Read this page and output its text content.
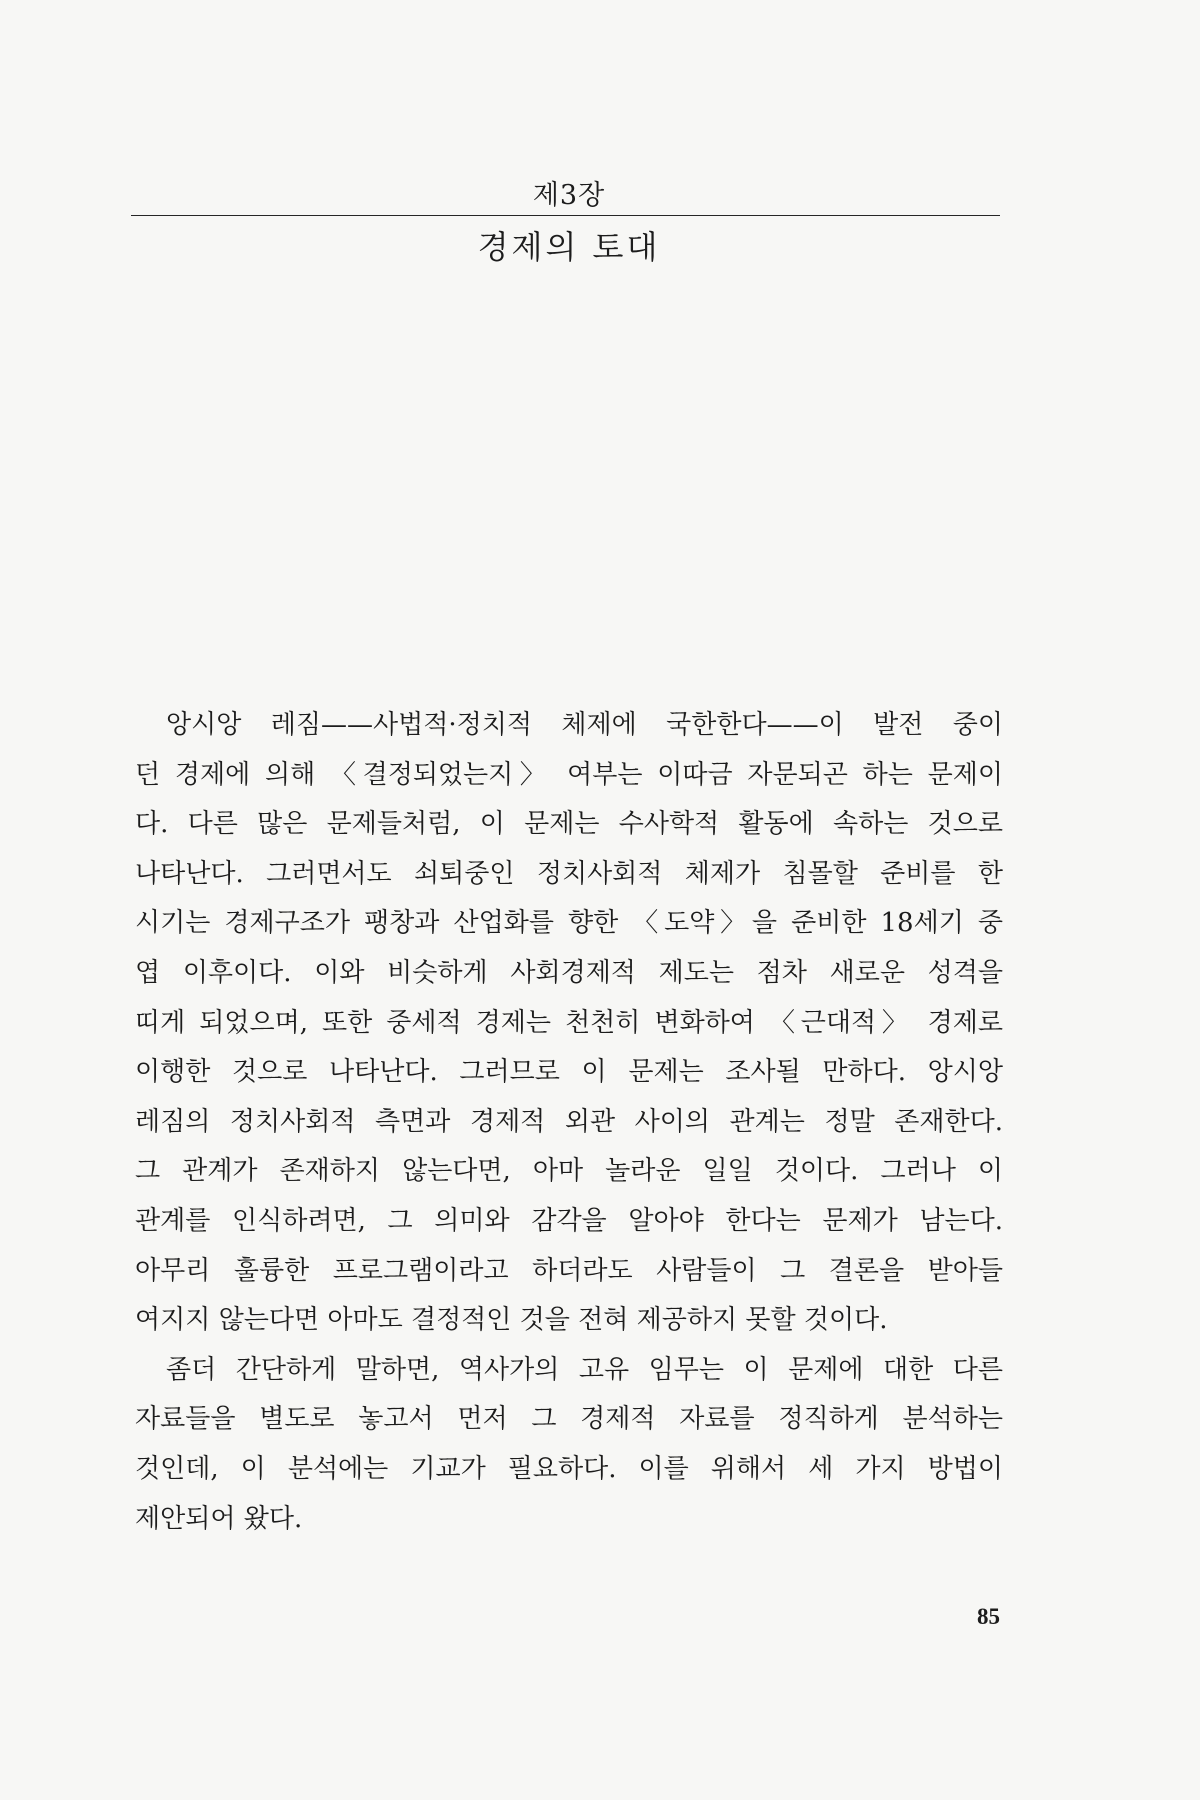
제3장
경제의 토대
앙시앙 레짐——사법적·정치적 체제에 국한한다——이 발전 중이
던 경제에 의해 〈결정되었는지〉 여부는 이따금 자문되곤 하는 문제이
다. 다른 많은 문제들처럼, 이 문제는 수사학적 활동에 속하는 것으로
나타난다. 그러면서도 쇠퇴중인 정치사회적 체제가 침몰할 준비를 한
시기는 경제구조가 팽창과 산업화를 향한 〈도약〉을 준비한 18세기 중
엽 이후이다. 이와 비슷하게 사회경제적 제도는 점차 새로운 성격을
띠게 되었으며, 또한 중세적 경제는 천천히 변화하여 〈근대적〉 경제로
이행한 것으로 나타난다. 그러므로 이 문제는 조사될 만하다. 앙시앙
레짐의 정치사회적 측면과 경제적 외관 사이의 관계는 정말 존재한다.
그 관계가 존재하지 않는다면, 아마 놀라운 일일 것이다. 그러나 이
관계를 인식하려면, 그 의미와 감각을 알아야 한다는 문제가 남는다.
아무리 훌륭한 프로그램이라고 하더라도 사람들이 그 결론을 받아들
여지지 않는다면 아마도 결정적인 것을 전혀 제공하지 못할 것이다.
좀더 간단하게 말하면, 역사가의 고유 임무는 이 문제에 대한 다른
자료들을 별도로 놓고서 먼저 그 경제적 자료를 정직하게 분석하는
것인데, 이 분석에는 기교가 필요하다. 이를 위해서 세 가지 방법이
제안되어 왔다.
85
